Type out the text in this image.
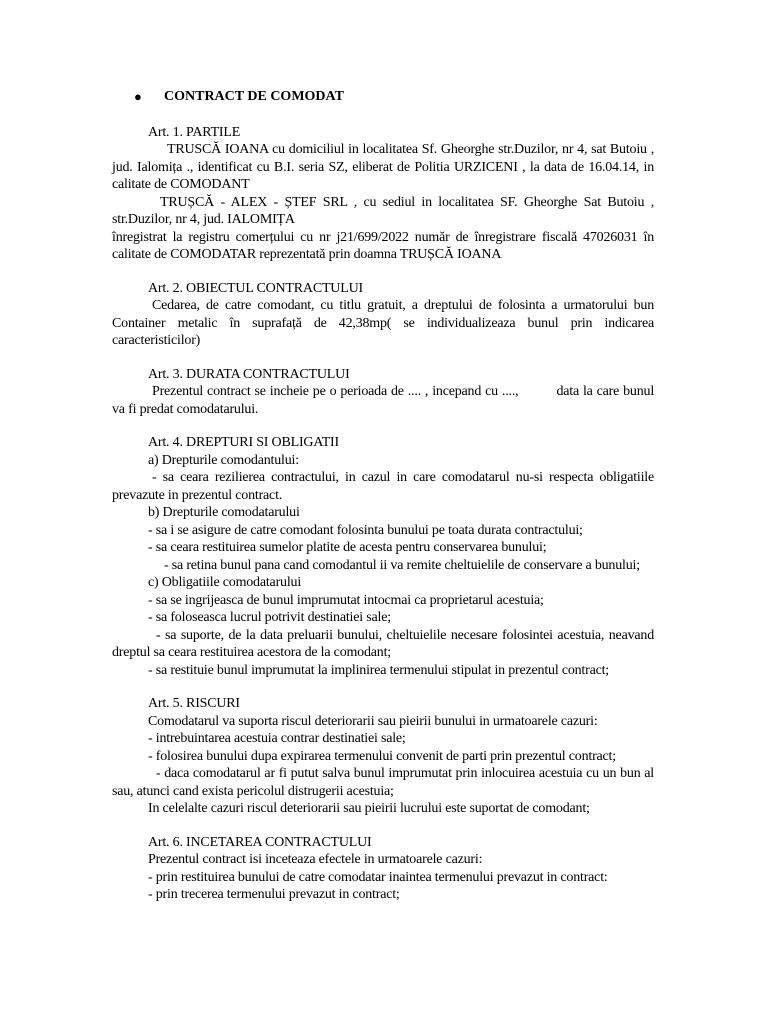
●	CONTRACT DE COMODAT
Art. 1. PARTILE
TRUSCĂ IOANA cu domiciliul in localitatea Sf. Gheorghe str.Duzilor, nr 4, sat Butoiu , jud. Ialomița ., identificat cu B.I. seria SZ, eliberat de Politia URZICENI , la data de 16.04.14, in calitate de COMODANT
TRUȘCĂ - ALEX - ȘTEF SRL , cu sediul in localitatea SF. Gheorghe Sat Butoiu , str.Duzilor, nr 4, jud. IALOMIȚA
înregistrat la registru comerțului cu nr j21/699/2022 număr de înregistrare fiscală 47026031 în calitate de COMODATAR reprezentată prin doamna TRUȘCĂ IOANA
Art. 2. OBIECTUL CONTRACTULUI
Cedarea, de catre comodant, cu titlu gratuit, a dreptului de folosinta a urmatorului bun Container metalic în suprafață de 42,38mp( se individualizeaza bunul prin indicarea caracteristicilor)
Art. 3. DURATA CONTRACTULUI
Prezentul contract se incheie pe o perioada de .... , incepand cu ....,	data la care bunul va fi predat comodatarului.
Art. 4. DREPTURI SI OBLIGATII
a) Drepturile comodantului:
- sa ceara rezilierea contractului, in cazul in care comodatarul nu-si respecta obligatiile prevazute in prezentul contract.
b) Drepturile comodatarului
- sa i se asigure de catre comodant folosinta bunului pe toata durata contractului;
- sa ceara restituirea sumelor platite de acesta pentru conservarea bunului;
- sa retina bunul pana cand comodantul ii va remite cheltuielile de conservare a bunului;
c) Obligatiile comodatarului
- sa se ingrijeasca de bunul imprumutat intocmai ca proprietarul acestuia;
- sa foloseasca lucrul potrivit destinatiei sale;
- sa suporte, de la data preluarii bunului, cheltuielile necesare folosintei acestuia, neavand dreptul sa ceara restituirea acestora de la comodant;
- sa restituie bunul imprumutat la implinirea termenului stipulat in prezentul contract;
Art. 5. RISCURI
Comodatarul va suporta riscul deteriorarii sau pieirii bunului in urmatoarele cazuri:
- intrebuintarea acestuia contrar destinatiei sale;
- folosirea bunului dupa expirarea termenului convenit de parti prin prezentul contract;
- daca comodatarul ar fi putut salva bunul imprumutat prin inlocuirea acestuia cu un bun al sau, atunci cand exista pericolul distrugerii acestuia;
In celelalte cazuri riscul deteriorarii sau pieirii lucrului este suportat de comodant;
Art. 6. INCETAREA CONTRACTULUI
Prezentul contract isi inceteaza efectele in urmatoarele cazuri:
- prin restituirea bunului de catre comodatar inaintea termenului prevazut in contract:
- prin trecerea termenului prevazut in contract;
